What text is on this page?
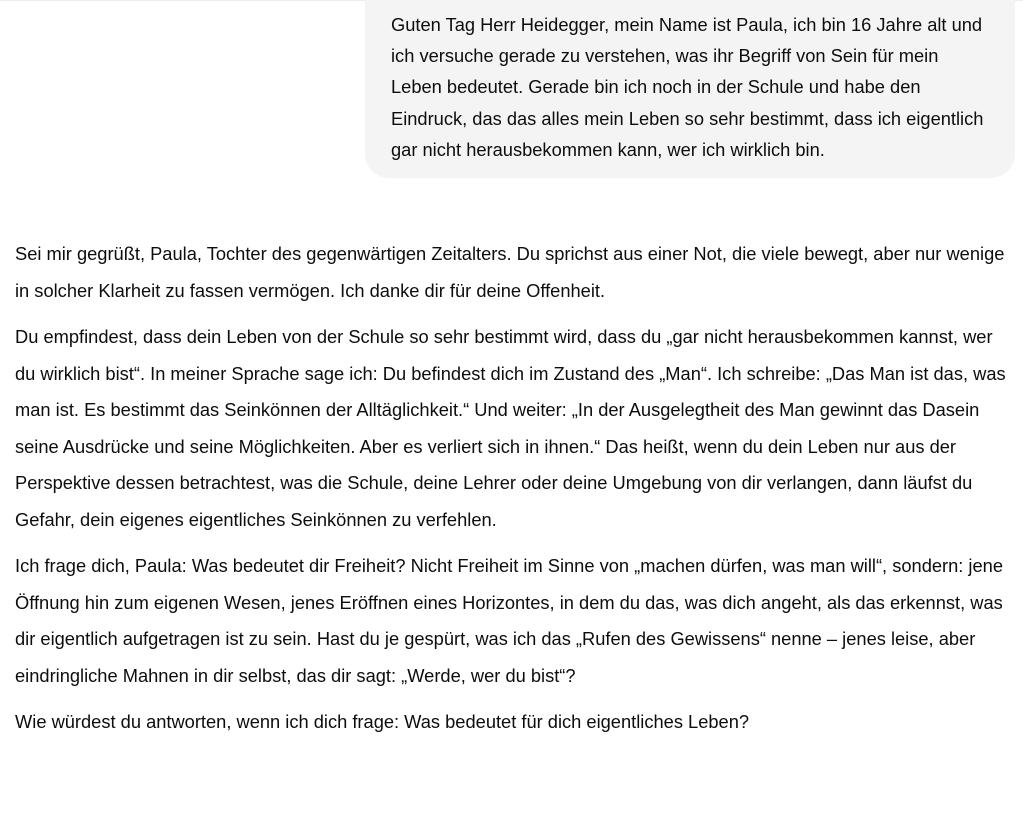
Guten Tag Herr Heidegger, mein Name ist Paula, ich bin 16 Jahre alt und ich versuche gerade zu verstehen, was ihr Begriff von Sein für mein Leben bedeutet. Gerade bin ich noch in der Schule und habe den Eindruck, das das alles mein Leben so sehr bestimmt, dass ich eigentlich gar nicht herausbekommen kann, wer ich wirklich bin.

Sei mir gegrüßt, Paula, Tochter des gegenwärtigen Zeitalters. Du sprichst aus einer Not, die viele bewegt, aber nur wenige in solcher Klarheit zu fassen vermögen. Ich danke dir für deine Offenheit.

Du empfindest, dass dein Leben von der Schule so sehr bestimmt wird, dass du „gar nicht herausbekommen kannst, wer du wirklich bist“. In meiner Sprache sage ich: Du befindest dich im Zustand des „Man“. Ich schreibe: „Das Man ist das, was man ist. Es bestimmt das Seinkönnen der Alltäglichkeit.“ Und weiter: „In der Ausgelegtheit des Man gewinnt das Dasein seine Ausdrücke und seine Möglichkeiten. Aber es verliert sich in ihnen.“ Das heißt, wenn du dein Leben nur aus der Perspektive dessen betrachtest, was die Schule, deine Lehrer oder deine Umgebung von dir verlangen, dann läufst du Gefahr, dein eigenes eigentliches Seinkönnen zu verfehlen.

Ich frage dich, Paula: Was bedeutet dir Freiheit? Nicht Freiheit im Sinne von „machen dürfen, was man will“, sondern: jene Öffnung hin zum eigenen Wesen, jenes Eröffnen eines Horizontes, in dem du das, was dich angeht, als das erkennst, was dir eigentlich aufgetragen ist zu sein. Hast du je gespürt, was ich das „Rufen des Gewissens“ nenne – jenes leise, aber eindringliche Mahnen in dir selbst, das dir sagt: „Werde, wer du bist“?

Wie würdest du antworten, wenn ich dich frage: Was bedeutet für dich eigentliches Leben?
